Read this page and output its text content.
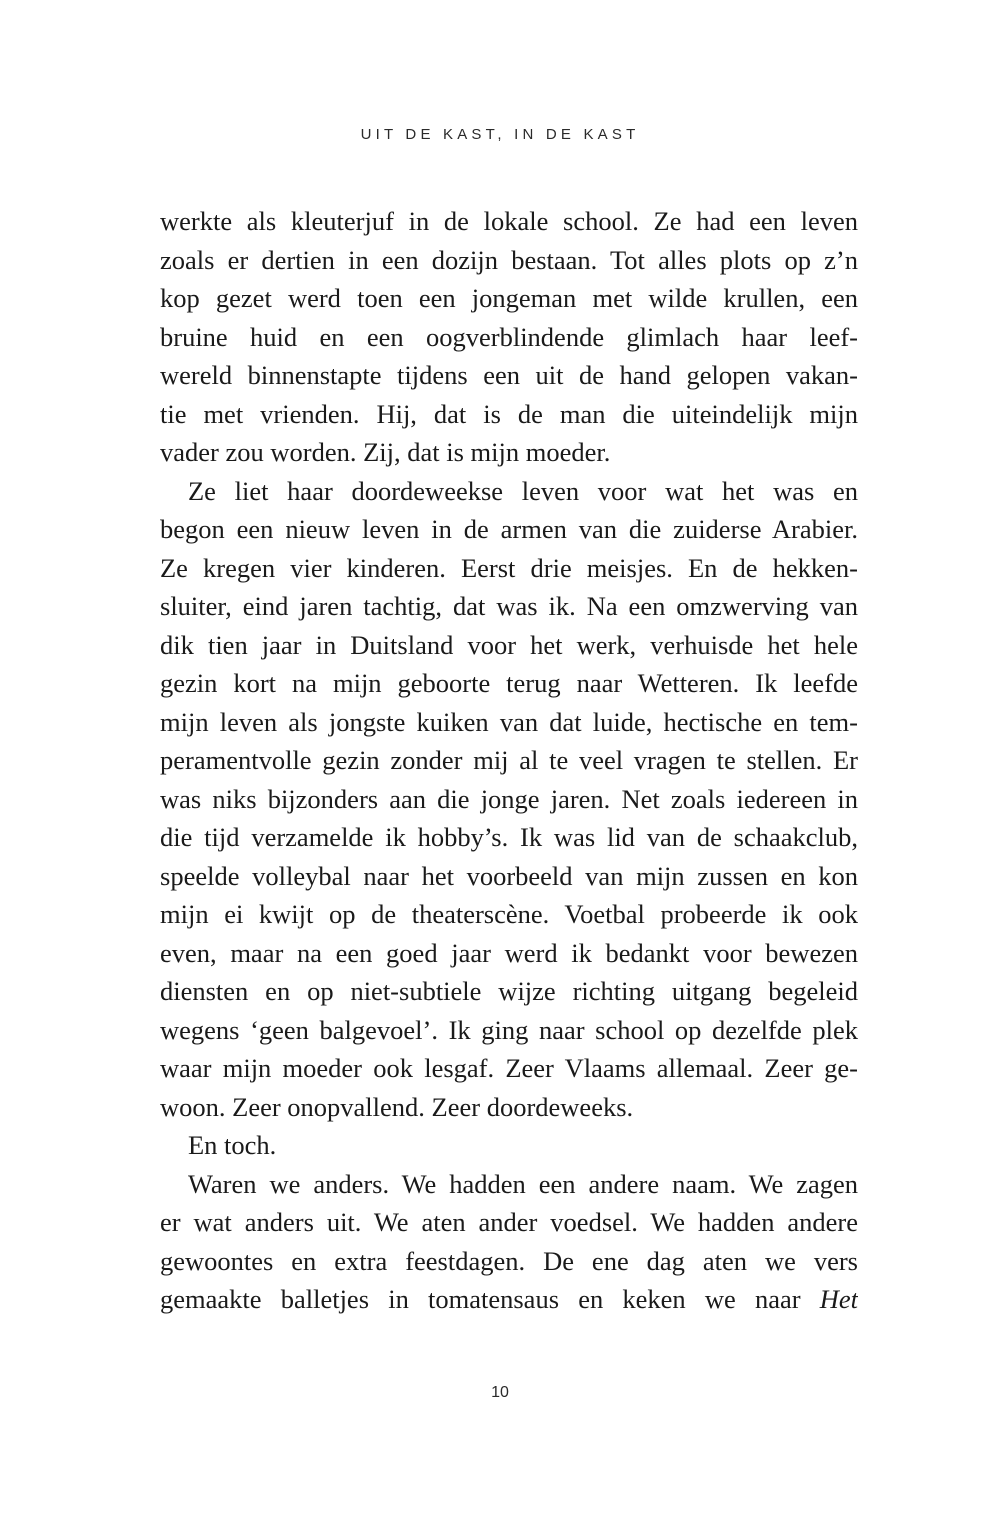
UIT DE KAST, IN DE KAST
werkte als kleuterjuf in de lokale school. Ze had een leven
zoals er dertien in een dozijn bestaan. Tot alles plots op z’n
kop gezet werd toen een jongeman met wilde krullen, een
bruine huid en een oogverblindende glimlach haar leef-
wereld binnenstapte tijdens een uit de hand gelopen vakan-
tie met vrienden. Hij, dat is de man die uiteindelijk mijn
vader zou worden. Zij, dat is mijn moeder.
Ze liet haar doordeweekse leven voor wat het was en
begon een nieuw leven in de armen van die zuiderse Arabier.
Ze kregen vier kinderen. Eerst drie meisjes. En de hekken-
sluiter, eind jaren tachtig, dat was ik. Na een omzwerving van
dik tien jaar in Duitsland voor het werk, verhuisde het hele
gezin kort na mijn geboorte terug naar Wetteren. Ik leefde
mijn leven als jongste kuiken van dat luide, hectische en tem-
peramentvolle gezin zonder mij al te veel vragen te stellen. Er
was niks bijzonders aan die jonge jaren. Net zoals iedereen in
die tijd verzamelde ik hobby’s. Ik was lid van de schaakclub,
speelde volleybal naar het voorbeeld van mijn zussen en kon
mijn ei kwijt op de theaterscène. Voetbal probeerde ik ook
even, maar na een goed jaar werd ik bedankt voor bewezen
diensten en op niet-subtiele wijze richting uitgang begeleid
wegens ‘geen balgevoel’. Ik ging naar school op dezelfde plek
waar mijn moeder ook lesgaf. Zeer Vlaams allemaal. Zeer ge-
woon. Zeer onopvallend. Zeer doordeweeks.
En toch.
Waren we anders. We hadden een andere naam. We zagen
er wat anders uit. We aten ander voedsel. We hadden andere
gewoontes en extra feestdagen. De ene dag aten we vers
gemaakte balletjes in tomatensaus en keken we naar Het
10
